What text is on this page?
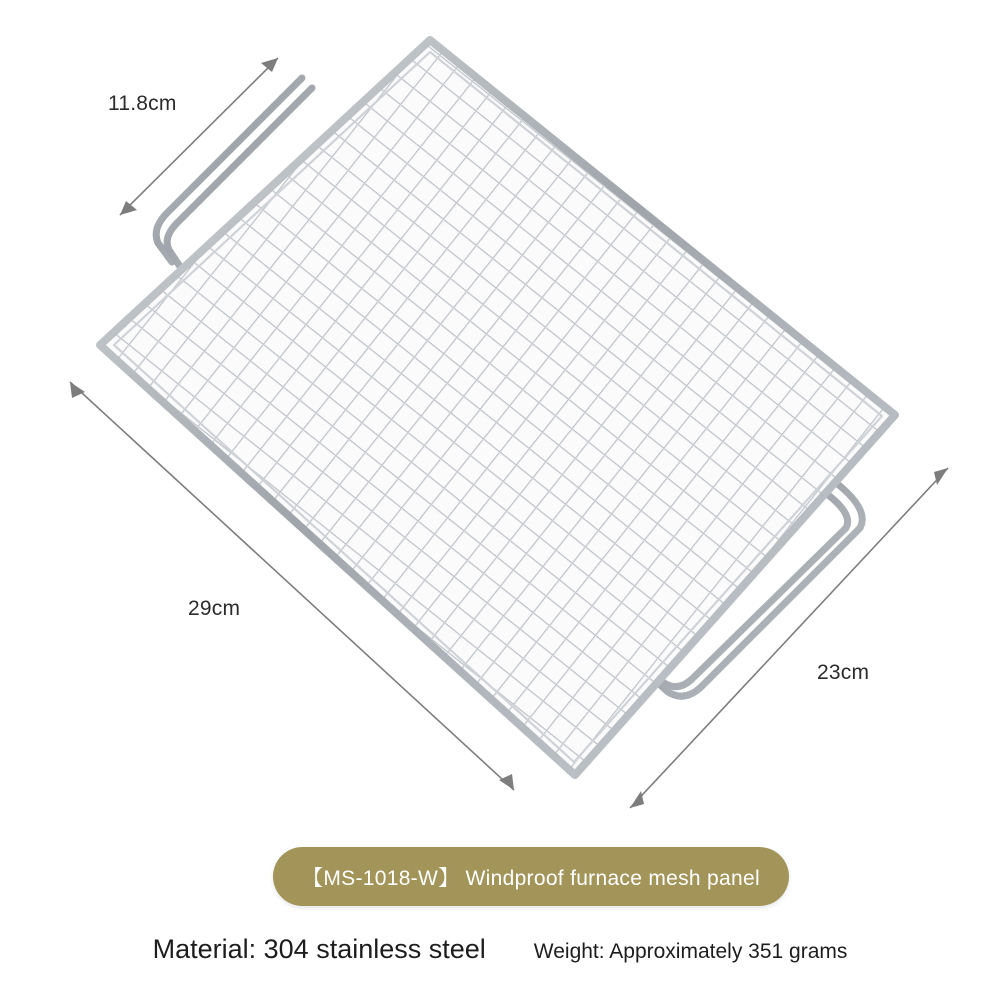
11.8cm
29cm
23cm
【MS-1018-W】 Windproof furnace mesh panel
Material: 304 stainless steel Weight: Approximately 351 grams
